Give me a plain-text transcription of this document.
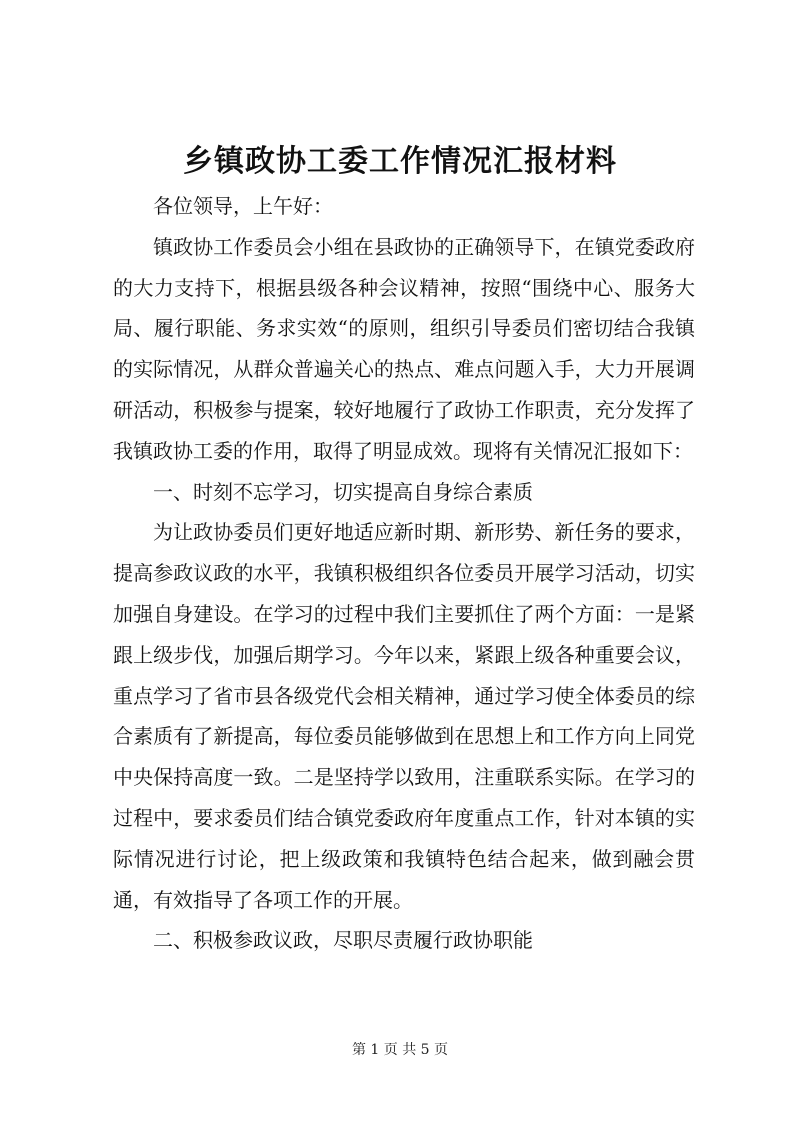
乡镇政协工委工作情况汇报材料

各位领导，上午好：

镇政协工作委员会小组在县政协的正确领导下，在镇党委政府的大力支持下，根据县级各种会议精神，按照“围绕中心、服务大局、履行职能、务求实效“的原则，组织引导委员们密切结合我镇的实际情况，从群众普遍关心的热点、难点问题入手，大力开展调研活动，积极参与提案，较好地履行了政协工作职责，充分发挥了我镇政协工委的作用，取得了明显成效。现将有关情况汇报如下：

一、时刻不忘学习，切实提高自身综合素质

为让政协委员们更好地适应新时期、新形势、新任务的要求，提高参政议政的水平，我镇积极组织各位委员开展学习活动，切实加强自身建设。在学习的过程中我们主要抓住了两个方面：一是紧跟上级步伐，加强后期学习。今年以来，紧跟上级各种重要会议，重点学习了省市县各级党代会相关精神，通过学习使全体委员的综合素质有了新提高，每位委员能够做到在思想上和工作方向上同党中央保持高度一致。二是坚持学以致用，注重联系实际。在学习的过程中，要求委员们结合镇党委政府年度重点工作，针对本镇的实际情况进行讨论，把上级政策和我镇特色结合起来，做到融会贯通，有效指导了各项工作的开展。

二、积极参政议政，尽职尽责履行政协职能

第 1 页 共 5 页
